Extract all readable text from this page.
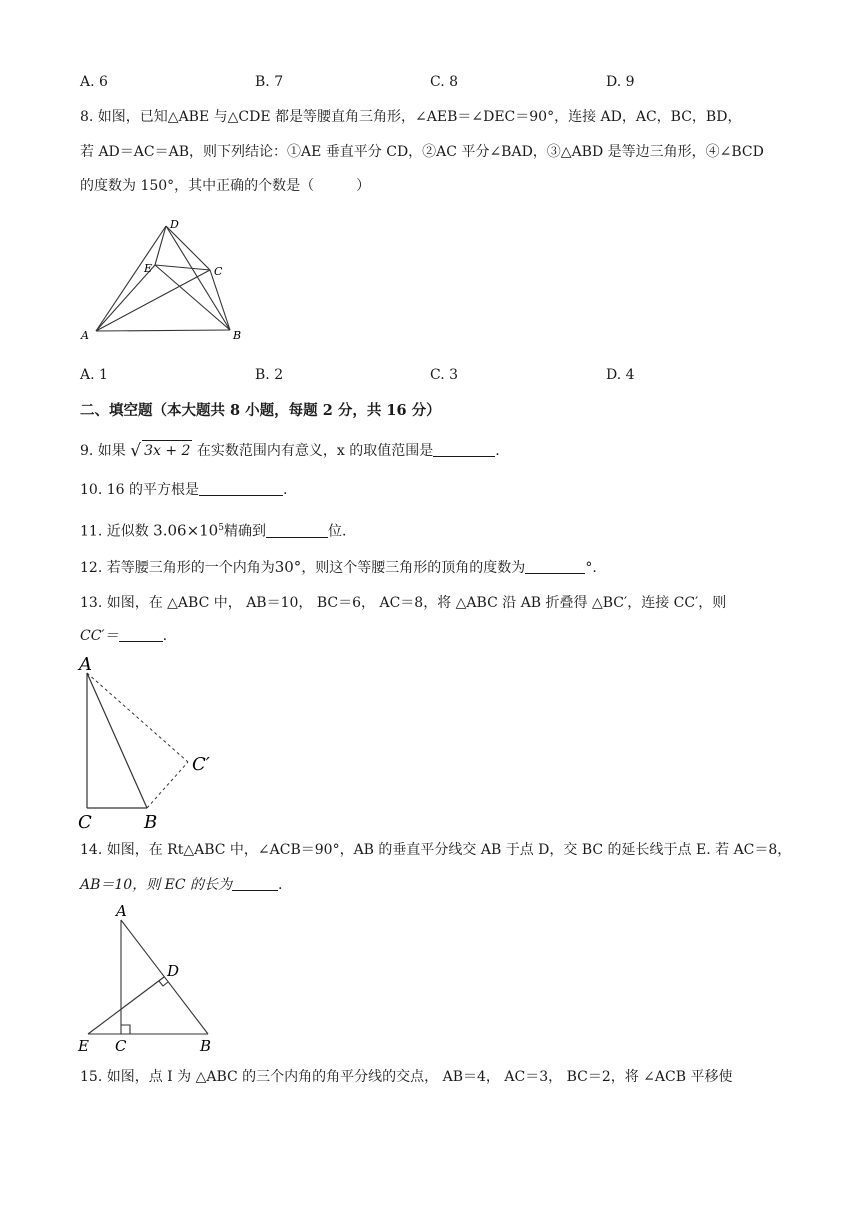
A. 6	B. 7	C. 8	D. 9
8. 如图，已知△ABE 与△CDE 都是等腰直角三角形，∠AEB＝∠DEC＝90°，连接 AD，AC，BC，BD，
若 AD＝AC＝AB，则下列结论：①AE 垂直平分 CD，②AC 平分∠BAD，③△ABD 是等边三角形，④∠BCD
的度数为 150°，其中正确的个数是（　　　）
D
E	C
A	B
A. 1	B. 2	C. 3	D. 4
二、填空题（本大题共 8 小题，每题 2 分，共 16 分）
9. 如果 √ 3x + 2 在实数范围内有意义，x 的取值范围是	.
10. 16 的平方根是	.
11. 近似数 $3.06\times 10^5$精确到	位.
12. 若等腰三角形的一个内角为30°，则这个等腰三角形的顶角的度数为	°.
13. 如图，在 △ABC 中， AB＝10， BC＝6， AC＝8，将 △ABC 沿 AB 折叠得 △BC′，连接 CC′，则
CC′＝	.
A
C′
C	B
14. 如图，在 Rt△ABC 中，∠ACB＝90°，AB 的垂直平分线交 AB 于点 D，交 BC 的延长线于点 E. 若 AC＝8，
AB＝10，则 EC 的长为	.
A
D
E C	B
15. 如图，点 I 为 △ABC 的三个内角的角平分线的交点， AB＝4， AC＝3， BC＝2，将 ∠ACB 平移使
